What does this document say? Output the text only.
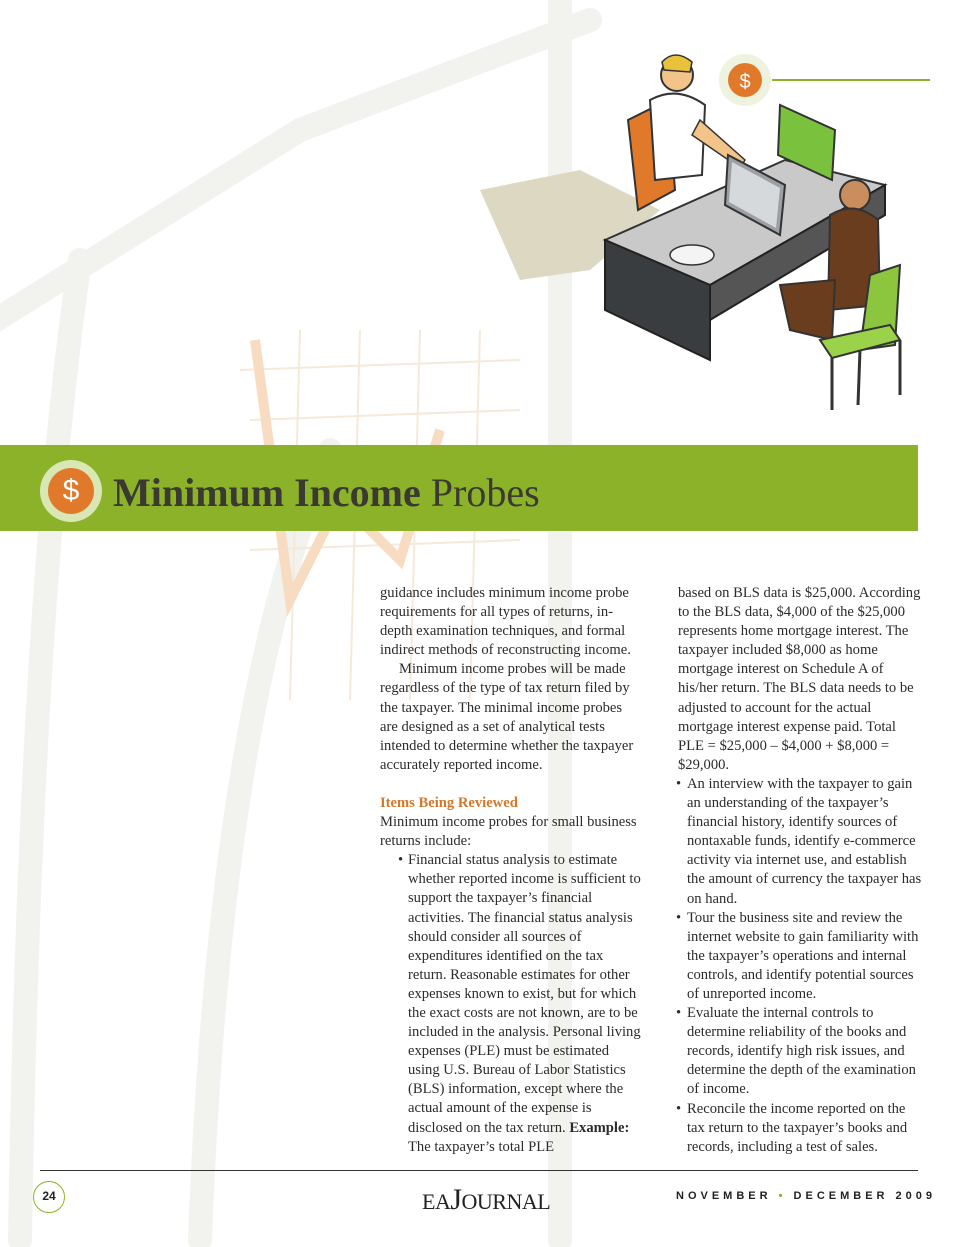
$
$ Minimum Income Probes

guidance includes minimum income probe requirements for all types of returns, in-depth examination techniques, and formal indirect methods of reconstructing income.

Minimum income probes will be made regardless of the type of tax return filed by the taxpayer. The minimal income probes are designed as a set of analytical tests intended to determine whether the taxpayer accurately reported income.

Items Being Reviewed

Minimum income probes for small business returns include:

• Financial status analysis to estimate whether reported income is sufficient to support the taxpayer’s financial activities. The financial status analysis should consider all sources of expenditures identified on the tax return. Reasonable estimates for other expenses known to exist, but for which the exact costs are not known, are to be included in the analysis. Personal living expenses (PLE) must be estimated using U.S. Bureau of Labor Statistics (BLS) information, except where the actual amount of the expense is disclosed on the tax return. Example: The taxpayer’s total PLE

based on BLS data is $25,000. According to the BLS data, $4,000 of the $25,000 represents home mortgage interest. The taxpayer included $8,000 as home mortgage interest on Schedule A of his/her return. The BLS data needs to be adjusted to account for the actual mortgage interest expense paid. Total PLE = $25,000 – $4,000 + $8,000 = $29,000.

• An interview with the taxpayer to gain an understanding of the taxpayer’s financial history, identify sources of nontaxable funds, identify e-commerce activity via internet use, and establish the amount of currency the taxpayer has on hand.
• Tour the business site and review the internet website to gain familiarity with the taxpayer’s operations and internal controls, and identify potential sources of unreported income.
• Evaluate the internal controls to determine reliability of the books and records, identify high risk issues, and determine the depth of the examination of income.
• Reconcile the income reported on the tax return to the taxpayer’s books and records, including a test of sales.
24	EAJOURNAL	NOVEMBER • DECEMBER 2009
